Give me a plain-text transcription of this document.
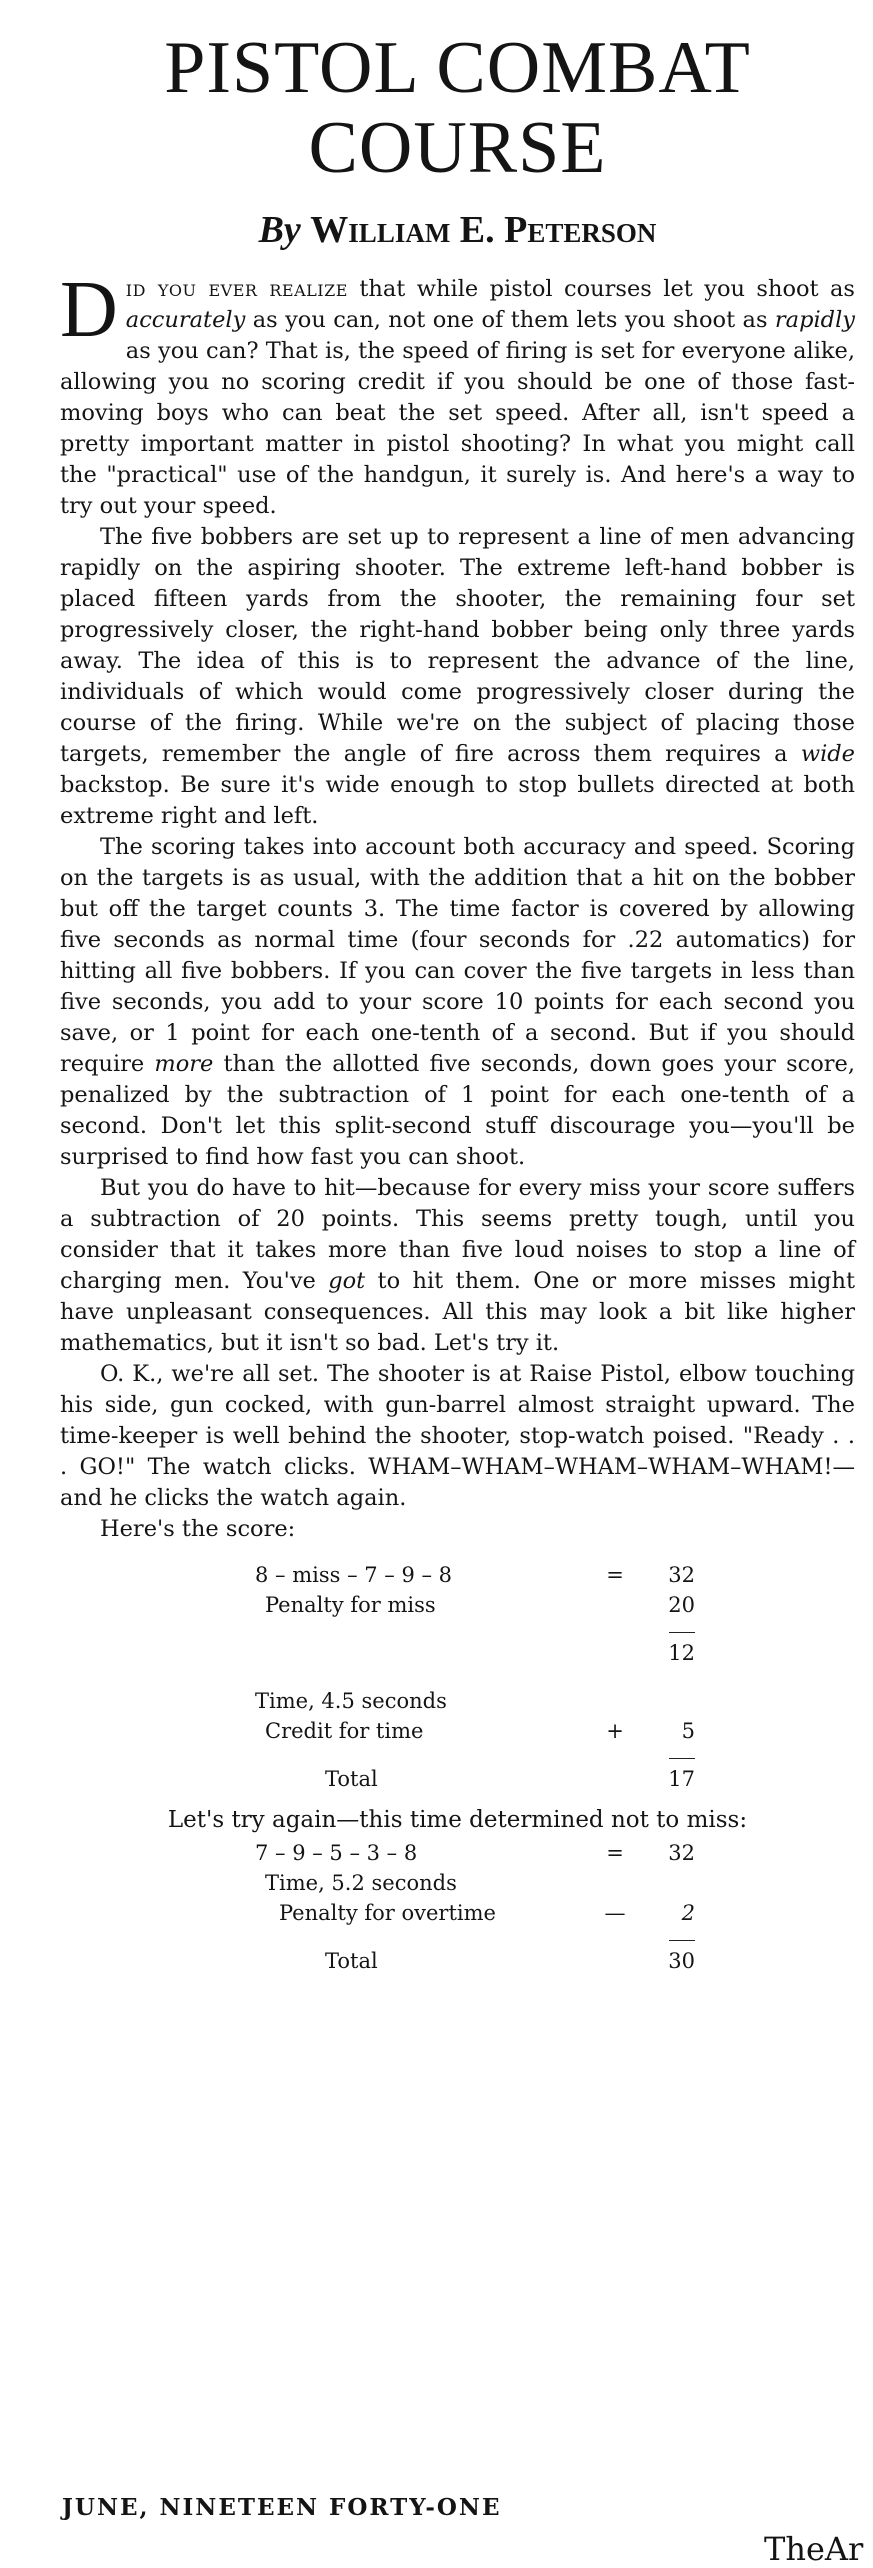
PISTOL COMBAT
COURSE
By William E. Peterson

Did you ever realize that while pistol courses let you shoot as accurately as you can, not one of them lets you shoot as rapidly as you can? That is, the speed of firing is set for everyone alike, allowing you no scoring credit if you should be one of those fast-moving boys who can beat the set speed. After all, isn't speed a pretty important matter in pistol shooting? In what you might call the "practical" use of the handgun, it surely is. And here's a way to try out your speed.

The five bobbers are set up to represent a line of men advancing rapidly on the aspiring shooter. The extreme left-hand bobber is placed fifteen yards from the shooter, the remaining four set progressively closer, the right-hand bobber being only three yards away. The idea of this is to represent the advance of the line, individuals of which would come progressively closer during the course of the firing. While we're on the subject of placing those targets, remember the angle of fire across them requires a wide backstop. Be sure it's wide enough to stop bullets directed at both extreme right and left.

The scoring takes into account both accuracy and speed. Scoring on the targets is as usual, with the addition that a hit on the bobber but off the target counts 3. The time factor is covered by allowing five seconds as normal time (four seconds for .22 automatics) for hitting all five bobbers. If you can cover the five targets in less than five seconds, you add to your score 10 points for each second you save, or 1 point for each one-tenth of a second. But if you should require more than the allotted five seconds, down goes your score, penalized by the subtraction of 1 point for each one-tenth of a second. Don't let this split-second stuff discourage you—you'll be surprised to find how fast you can shoot.

But you do have to hit—because for every miss your score suffers a subtraction of 20 points. This seems pretty tough, until you consider that it takes more than five loud noises to stop a line of charging men. You've got to hit them. One or more misses might have unpleasant consequences. All this may look a bit like higher mathematics, but it isn't so bad. Let's try it.

O. K., we're all set. The shooter is at Raise Pistol, elbow touching his side, gun cocked, with gun-barrel almost straight upward. The time-keeper is well behind the shooter, stop-watch poised. "Ready . . . GO!" The watch clicks. WHAM–WHAM–WHAM–WHAM–WHAM!—and he clicks the watch again.

Here's the score:

8 – miss – 7 – 9 – 8	=	32
Penalty for miss	20
12
Time, 4.5 seconds
Credit for time	+	5
Total	17
Let's try again—this time determined not to miss:
7 – 9 – 5 – 3 – 8	=	32
Time, 5.2 seconds
Penalty for overtime	—	2
Total	30
JUNE, NINETEEN FORTY-ONE
TheAr
